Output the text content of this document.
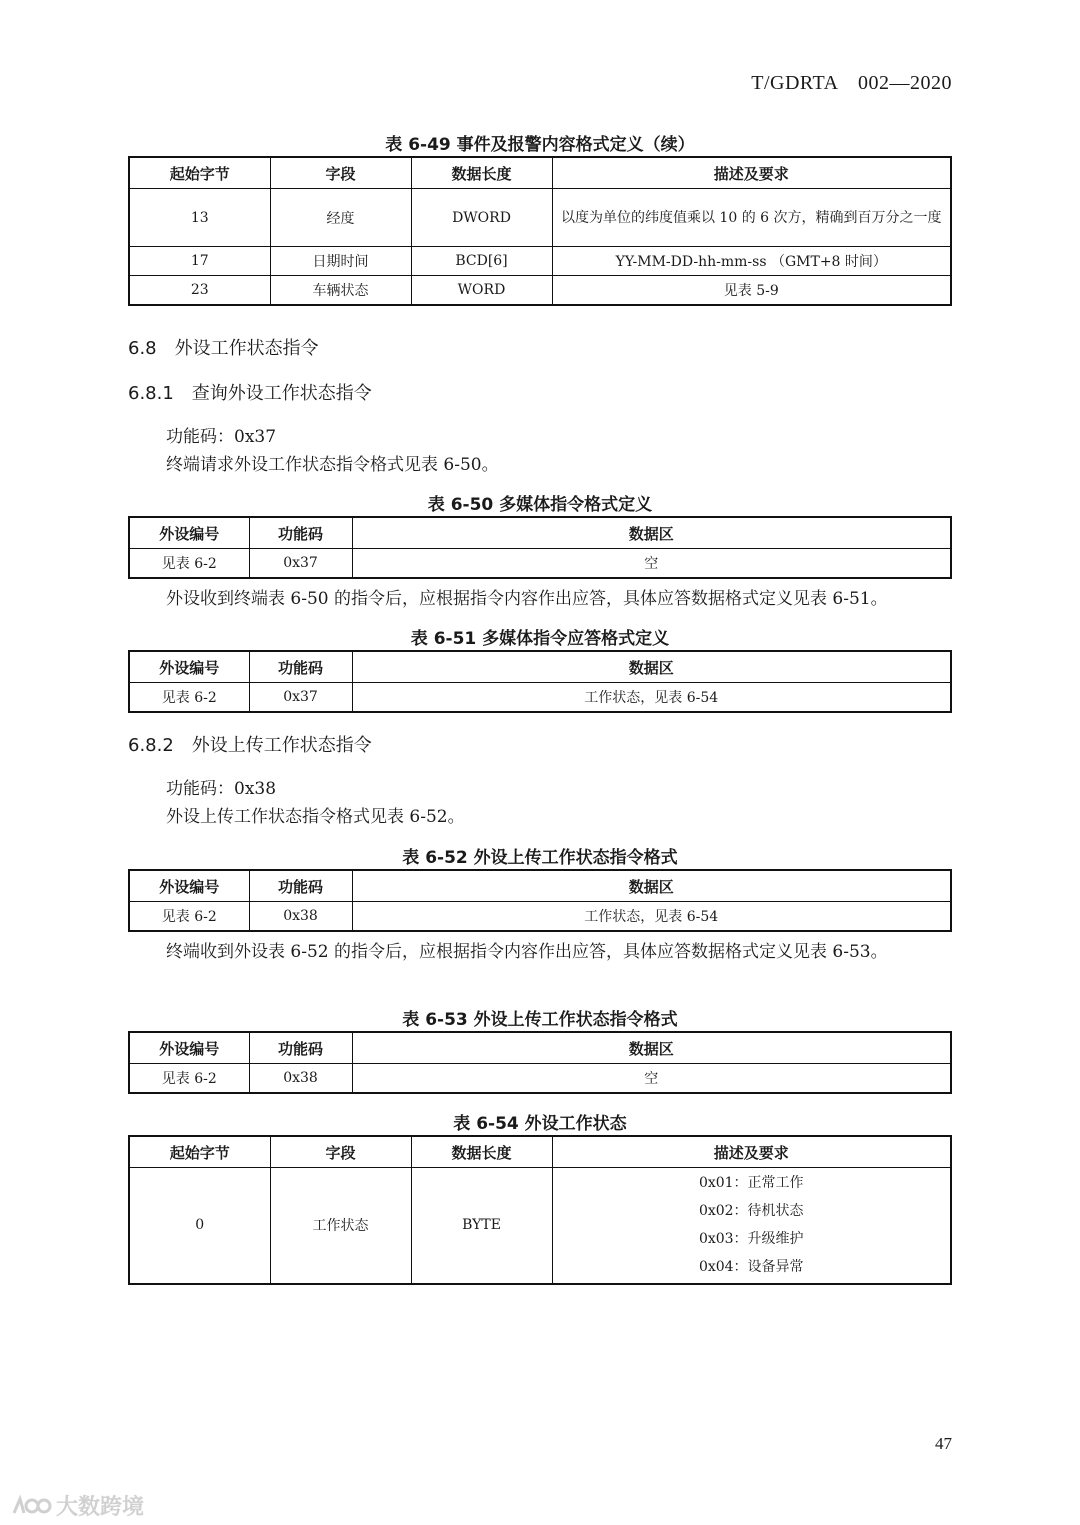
T/GDRTA　002—2020
表 6-49 事件及报警内容格式定义（续）
起始字节	字段	数据长度	描述及要求
13	经度	DWORD	以度为单位的纬度值乘以 10 的 6 次方，精确到百万分之一度
17	日期时间	BCD[6]	YY-MM-DD-hh-mm-ss （GMT+8 时间）
23	车辆状态	WORD	见表 5-9
6.8　外设工作状态指令
6.8.1　查询外设工作状态指令
功能码：0x37
终端请求外设工作状态指令格式见表 6-50。
表 6-50 多媒体指令格式定义
外设编号	功能码	数据区
见表 6-2	0x37	空
外设收到终端表 6-50 的指令后，应根据指令内容作出应答，具体应答数据格式定义见表 6-51。
表 6-51 多媒体指令应答格式定义
外设编号	功能码	数据区
见表 6-2	0x37	工作状态，见表 6-54
6.8.2　外设上传工作状态指令
功能码：0x38
外设上传工作状态指令格式见表 6-52。
表 6-52 外设上传工作状态指令格式
外设编号	功能码	数据区
见表 6-2	0x38	工作状态，见表 6-54
终端收到外设表 6-52 的指令后，应根据指令内容作出应答，具体应答数据格式定义见表 6-53。
表 6-53 外设上传工作状态指令格式
外设编号	功能码	数据区
见表 6-2	0x38	空
表 6-54 外设工作状态
起始字节	字段	数据长度	描述及要求
0	工作状态	BYTE	0x01：正常工作
0x02：待机状态
0x03：升级维护
0x04：设备异常
47
大数跨境
